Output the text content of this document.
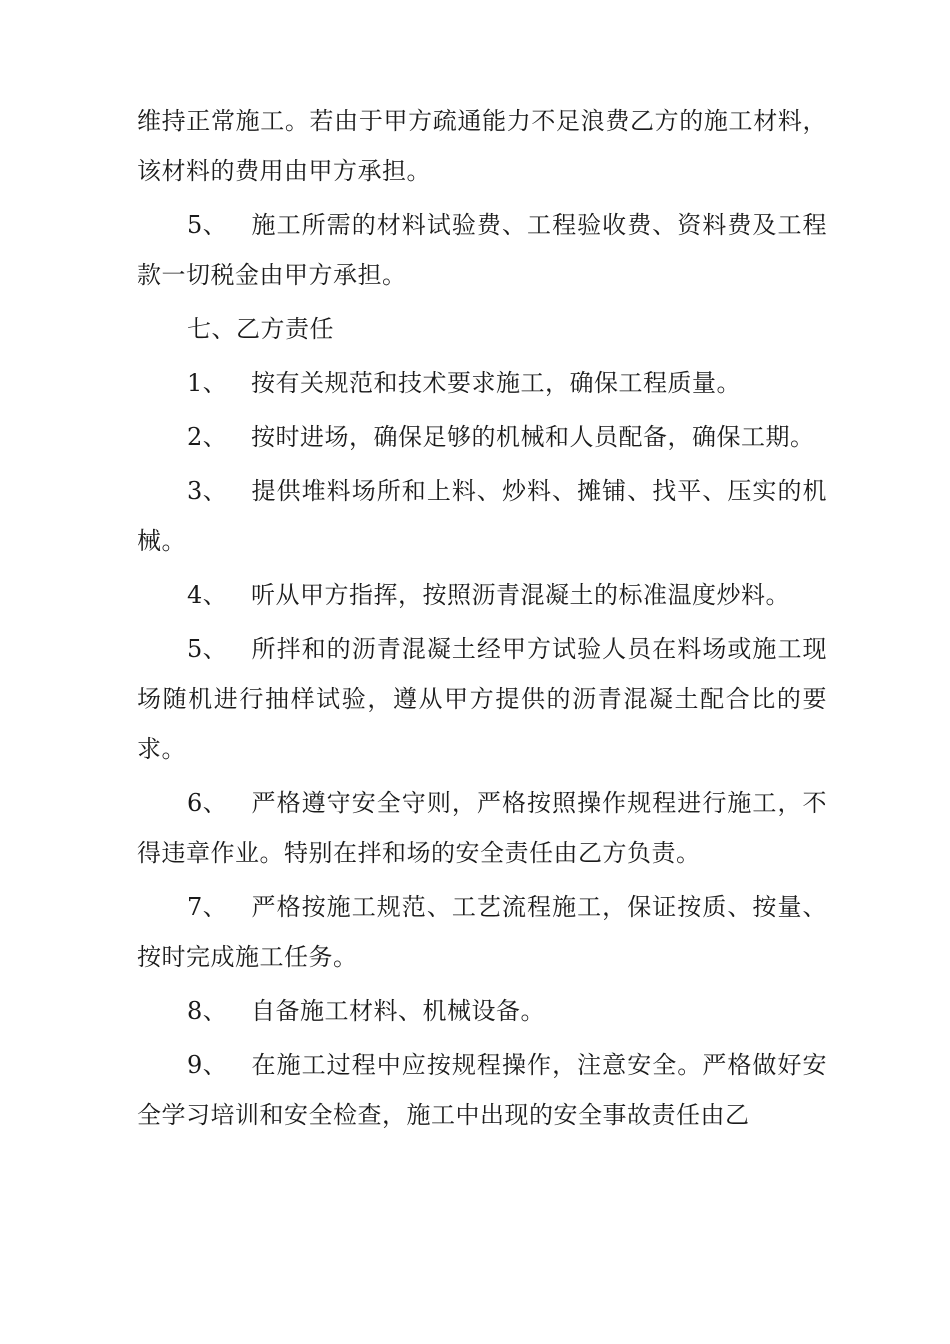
维持正常施工。若由于甲方疏通能力不足浪费乙方的施工材料，该材料的费用由甲方承担。

5、 施工所需的材料试验费、工程验收费、资料费及工程款一切税金由甲方承担。

七、乙方责任

1、 按有关规范和技术要求施工，确保工程质量。

2、 按时进场，确保足够的机械和人员配备，确保工期。

3、 提供堆料场所和上料、炒料、摊铺、找平、压实的机械。

4、 听从甲方指挥，按照沥青混凝土的标准温度炒料。

5、 所拌和的沥青混凝土经甲方试验人员在料场或施工现场随机进行抽样试验，遵从甲方提供的沥青混凝土配合比的要求。

6、 严格遵守安全守则，严格按照操作规程进行施工，不得违章作业。特别在拌和场的安全责任由乙方负责。

7、 严格按施工规范、工艺流程施工，保证按质、按量、 按时完成施工任务。

8、 自备施工材料、机械设备。

9、 在施工过程中应按规程操作，注意安全。严格做好安全学习培训和安全检查，施工中出现的安全事故责任由乙
